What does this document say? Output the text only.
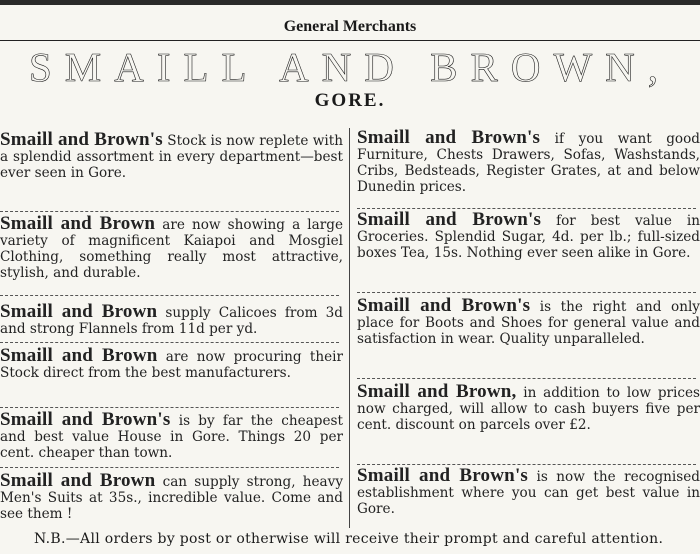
General Merchants
SMAILL AND BROWN,
GORE.
Smaill and Brown's Stock is now replete with a splendid assortment in every department—best ever seen in Gore.
Smaill and Brown are now showing a large variety of magnificent Kaiapoi and Mosgiel Clothing, something really most attractive, stylish, and durable.
Smaill and Brown supply Calicoes from 3d and strong Flannels from 11d per yd.
Smaill and Brown are now procuring their Stock direct from the best manufacturers.
Smaill and Brown's is by far the cheapest and best value House in Gore. Things 20 per cent. cheaper than town.
Smaill and Brown can supply strong, heavy Men's Suits at 35s., incredible value. Come and see them !
Smaill and Brown's if you want good Furniture, Chests Drawers, Sofas, Washstands, Cribs, Bedsteads, Register Grates, at and below Dunedin prices.
Smaill and Brown's for best value in Groceries. Splendid Sugar, 4d. per lb.; full-sized boxes Tea, 15s. Nothing ever seen alike in Gore.
Smaill and Brown's is the right and only place for Boots and Shoes for general value and satisfaction in wear. Quality unparalleled.
Smaill and Brown, in addition to low prices now charged, will allow to cash buyers five per cent. discount on parcels over £2.
Smaill and Brown's is now the recognised establishment where you can get best value in Gore.
N.B.—All orders by post or otherwise will receive their prompt and careful attention.
